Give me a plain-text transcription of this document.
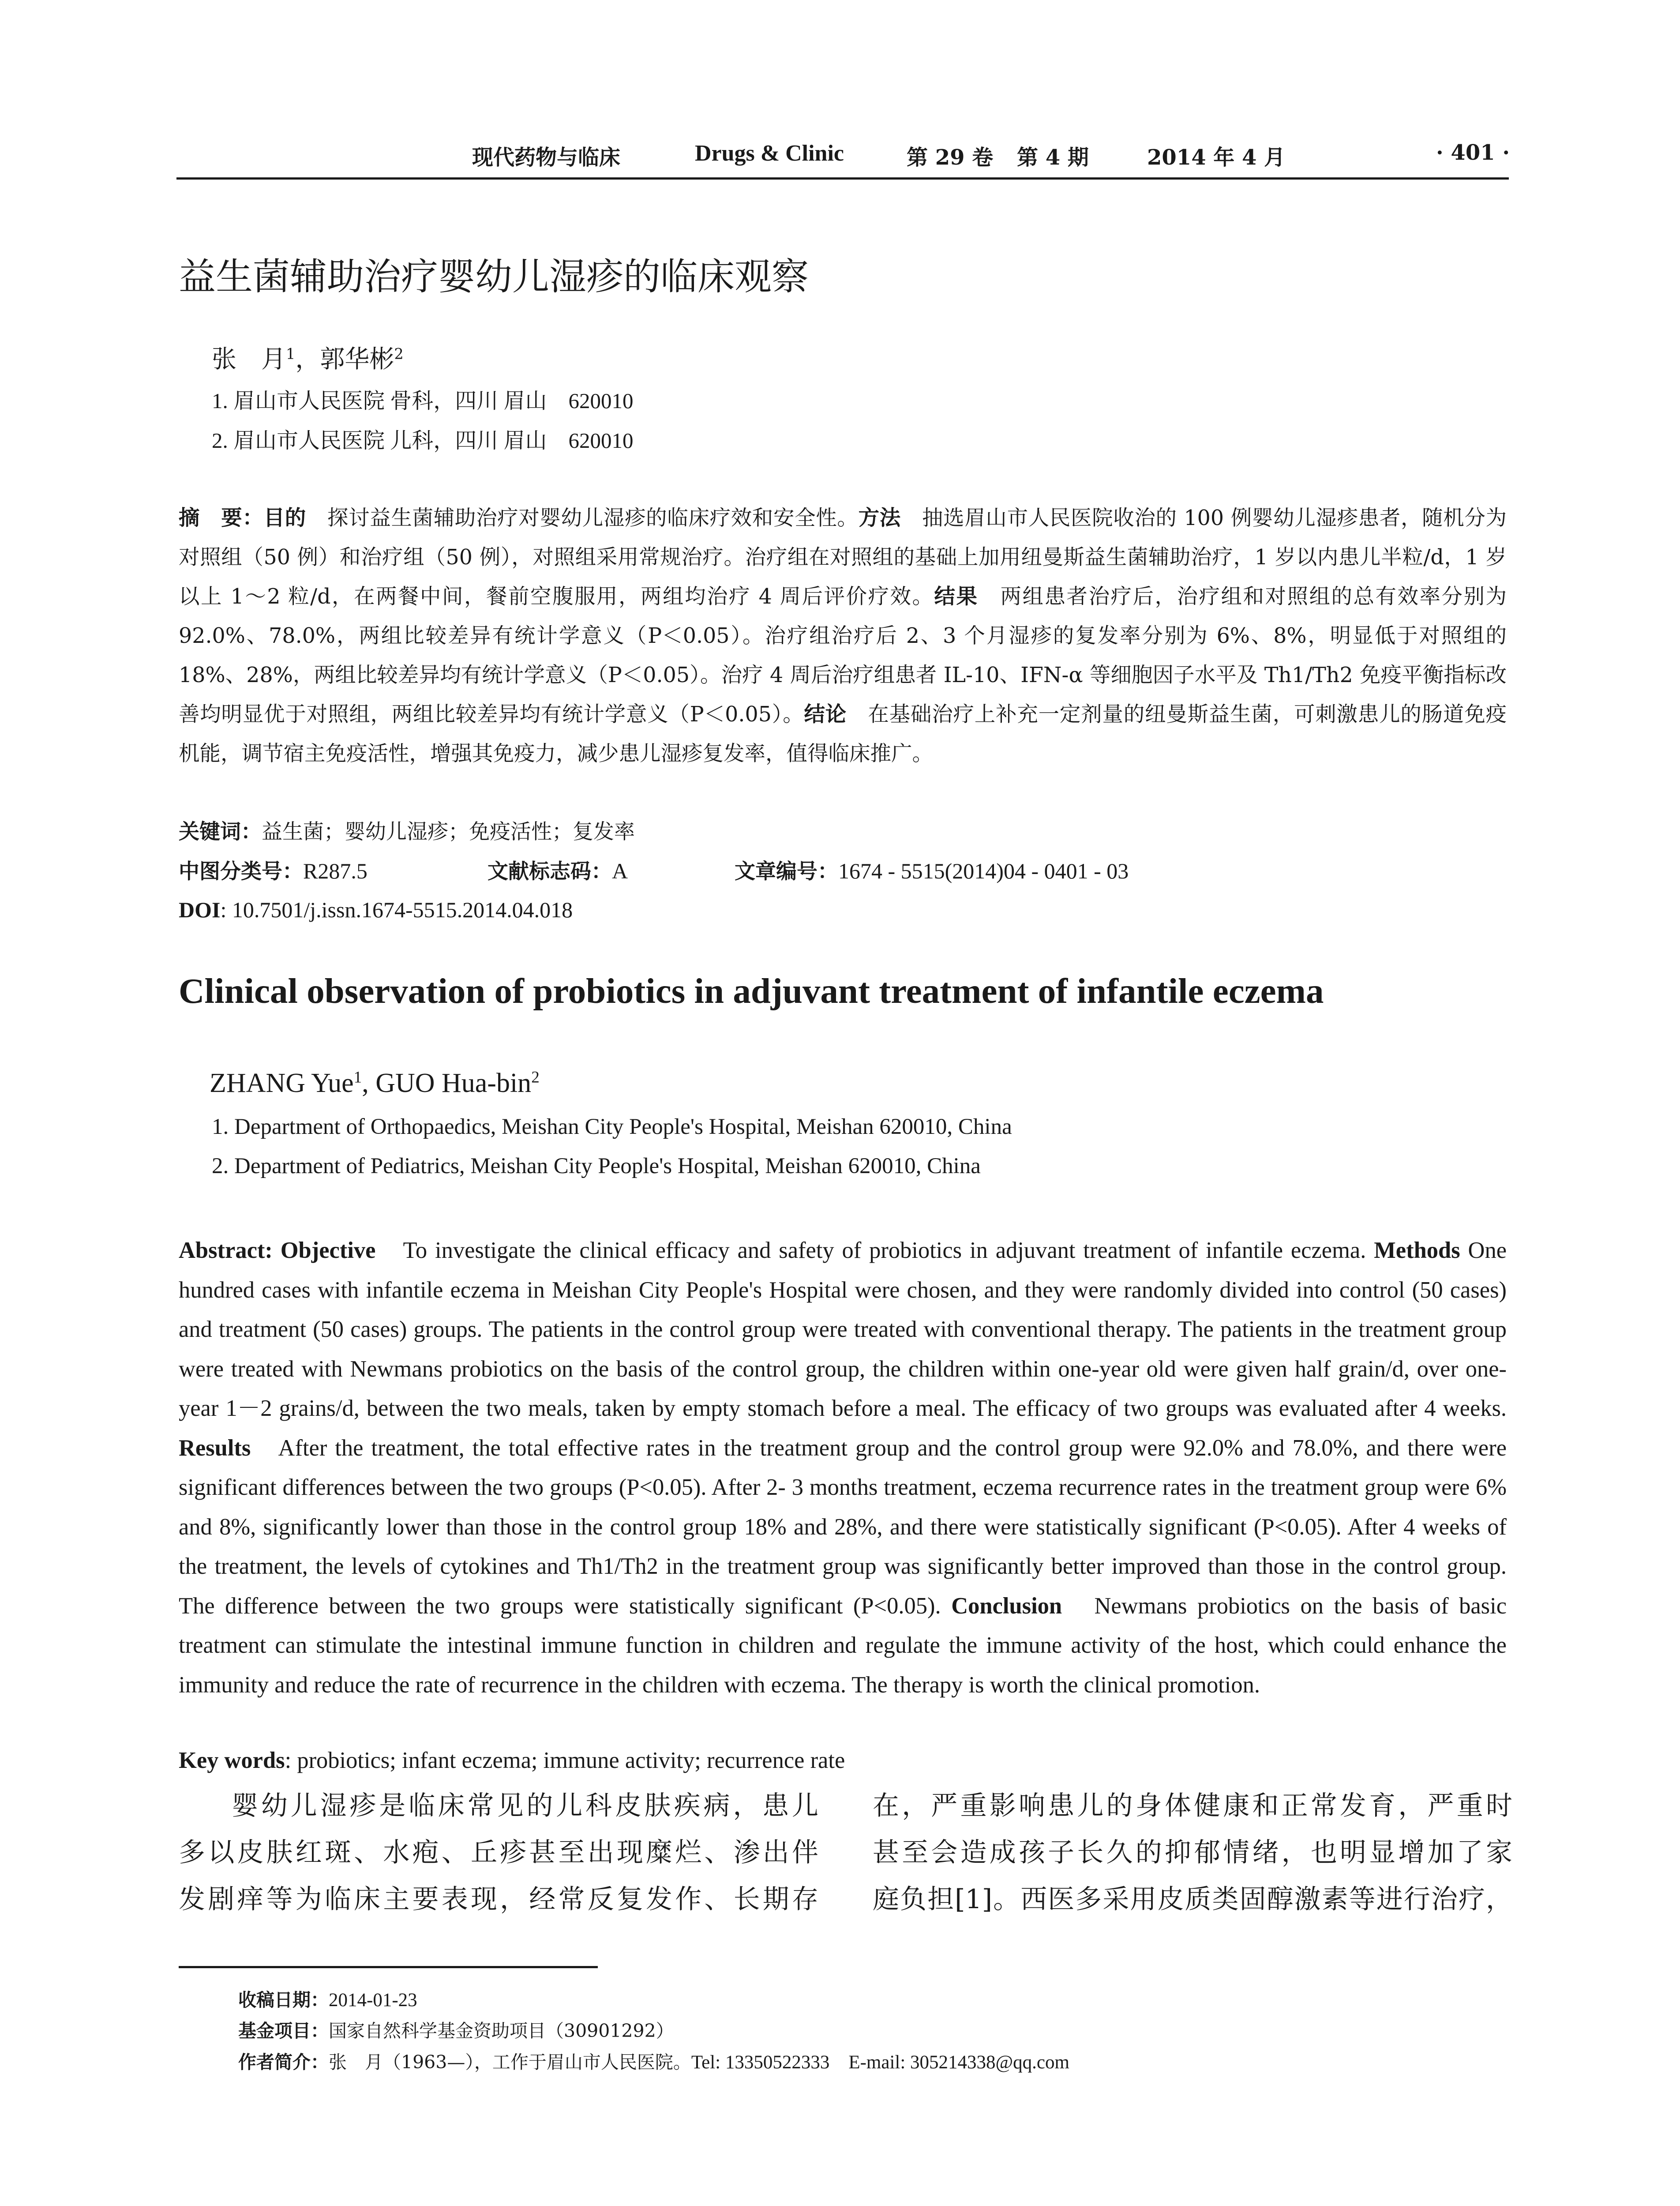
现代药物与临床	Drugs & Clinic	第 29 卷 第 4 期	2014 年 4 月	· 401 ·
益生菌辅助治疗婴幼儿湿疹的临床观察
张　月$^1$，郭华彬$^2$
1. 眉山市人民医院 骨科，四川 眉山　620010
2. 眉山市人民医院 儿科，四川 眉山　620010
摘　要：目的　探讨益生菌辅助治疗对婴幼儿湿疹的临床疗效和安全性。方法　抽选眉山市人民医院收治的 100 例婴幼儿湿疹患者，随机分为对照组（50 例）和治疗组（50 例），对照组采用常规治疗。治疗组在对照组的基础上加用纽曼斯益生菌辅助治疗，1 岁以内患儿半粒/d，1 岁以上 1～2 粒/d，在两餐中间，餐前空腹服用，两组均治疗 4 周后评价疗效。结果　两组患者治疗后，治疗组和对照组的总有效率分别为 92.0%、78.0%，两组比较差异有统计学意义（P＜0.05）。治疗组治疗后 2、3 个月湿疹的复发率分别为 6%、8%，明显低于对照组的 18%、28%，两组比较差异均有统计学意义（P＜0.05）。治疗 4 周后治疗组患者 IL-10、IFN-α 等细胞因子水平及 Th1/Th2 免疫平衡指标改善均明显优于对照组，两组比较差异均有统计学意义（P＜0.05）。结论　在基础治疗上补充一定剂量的纽曼斯益生菌，可刺激患儿的肠道免疫机能，调节宿主免疫活性，增强其免疫力，减少患儿湿疹复发率，值得临床推广。
关键词：益生菌；婴幼儿湿疹；免疫活性；复发率
中图分类号：R287.5	文献标志码：A	文章编号：1674 - 5515(2014)04 - 0401 - 03
DOI: 10.7501/j.issn.1674-5515.2014.04.018
Clinical observation of probiotics in adjuvant treatment of infantile eczema
ZHANG Yue$^1$, GUO Hua-bin$^2$
1. Department of Orthopaedics, Meishan City People's Hospital, Meishan 620010, China
2. Department of Pediatrics, Meishan City People's Hospital, Meishan 620010, China
Abstract: Objective　To investigate the clinical efficacy and safety of probiotics in adjuvant treatment of infantile eczema. Methods One hundred cases with infantile eczema in Meishan City People's Hospital were chosen, and they were randomly divided into control (50 cases) and treatment (50 cases) groups. The patients in the control group were treated with conventional therapy. The patients in the treatment group were treated with Newmans probiotics on the basis of the control group, the children within one-year old were given half grain/d, over one-year 1－2 grains/d, between the two meals, taken by empty stomach before a meal. The efficacy of two groups was evaluated after 4 weeks. Results　After the treatment, the total effective rates in the treatment group and the control group were 92.0% and 78.0%, and there were significant differences between the two groups (P<0.05). After 2- 3 months treatment, eczema recurrence rates in the treatment group were 6% and 8%, significantly lower than those in the control group 18% and 28%, and there were statistically significant (P<0.05). After 4 weeks of the treatment, the levels of cytokines and Th1/Th2 in the treatment group was significantly better improved than those in the control group. The difference between the two groups were statistically significant (P<0.05). Conclusion　Newmans probiotics on the basis of basic treatment can stimulate the intestinal immune function in children and regulate the immune activity of the host, which could enhance the immunity and reduce the rate of recurrence in the children with eczema. The therapy is worth the clinical promotion.
Key words: probiotics; infant eczema; immune activity; recurrence rate
婴幼儿湿疹是临床常见的儿科皮肤疾病，患儿
多以皮肤红斑、水疱、丘疹甚至出现糜烂、渗出伴
发剧痒等为临床主要表现，经常反复发作、长期存
在，严重影响患儿的身体健康和正常发育，严重时
甚至会造成孩子长久的抑郁情绪，也明显增加了家
庭负担[1]。西医多采用皮质类固醇激素等进行治疗，
收稿日期：2014-01-23
基金项目：国家自然科学基金资助项目（30901292）
作者简介：张　月（1963—），工作于眉山市人民医院。Tel: 13350522333　E-mail: 305214338@qq.com
